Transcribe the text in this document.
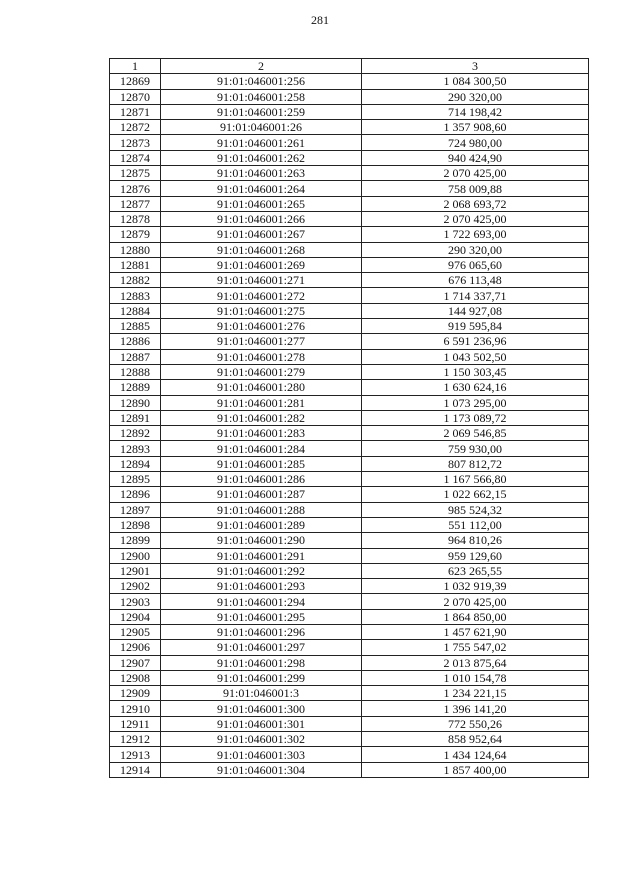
281
1	2	3
12869	91:01:046001:256	1 084 300,50
12870	91:01:046001:258	290 320,00
12871	91:01:046001:259	714 198,42
12872	91:01:046001:26	1 357 908,60
12873	91:01:046001:261	724 980,00
12874	91:01:046001:262	940 424,90
12875	91:01:046001:263	2 070 425,00
12876	91:01:046001:264	758 009,88
12877	91:01:046001:265	2 068 693,72
12878	91:01:046001:266	2 070 425,00
12879	91:01:046001:267	1 722 693,00
12880	91:01:046001:268	290 320,00
12881	91:01:046001:269	976 065,60
12882	91:01:046001:271	676 113,48
12883	91:01:046001:272	1 714 337,71
12884	91:01:046001:275	144 927,08
12885	91:01:046001:276	919 595,84
12886	91:01:046001:277	6 591 236,96
12887	91:01:046001:278	1 043 502,50
12888	91:01:046001:279	1 150 303,45
12889	91:01:046001:280	1 630 624,16
12890	91:01:046001:281	1 073 295,00
12891	91:01:046001:282	1 173 089,72
12892	91:01:046001:283	2 069 546,85
12893	91:01:046001:284	759 930,00
12894	91:01:046001:285	807 812,72
12895	91:01:046001:286	1 167 566,80
12896	91:01:046001:287	1 022 662,15
12897	91:01:046001:288	985 524,32
12898	91:01:046001:289	551 112,00
12899	91:01:046001:290	964 810,26
12900	91:01:046001:291	959 129,60
12901	91:01:046001:292	623 265,55
12902	91:01:046001:293	1 032 919,39
12903	91:01:046001:294	2 070 425,00
12904	91:01:046001:295	1 864 850,00
12905	91:01:046001:296	1 457 621,90
12906	91:01:046001:297	1 755 547,02
12907	91:01:046001:298	2 013 875,64
12908	91:01:046001:299	1 010 154,78
12909	91:01:046001:3	1 234 221,15
12910	91:01:046001:300	1 396 141,20
12911	91:01:046001:301	772 550,26
12912	91:01:046001:302	858 952,64
12913	91:01:046001:303	1 434 124,64
12914	91:01:046001:304	1 857 400,00
